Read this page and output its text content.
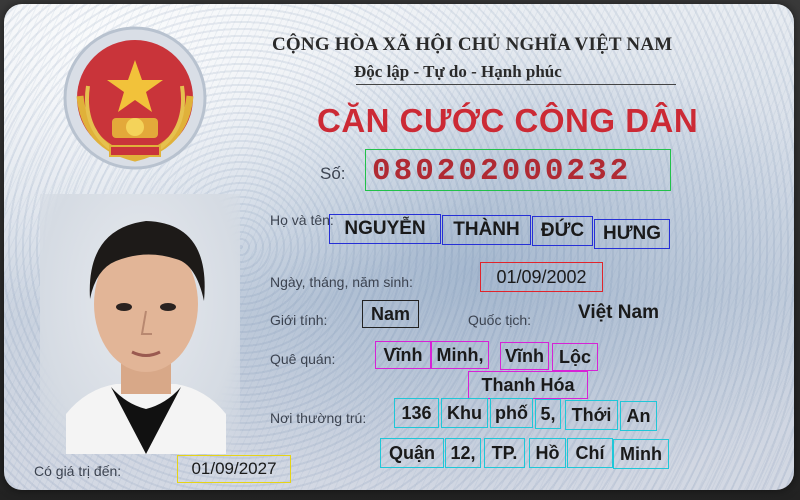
CỘNG HÒA XÃ HỘI CHỦ NGHĨA VIỆT NAM
Độc lập - Tự do - Hạnh phúc
CĂN CƯỚC CÔNG DÂN
Số: 080202000232
Họ và tên: NGUYỄN	THÀNH	ĐỨC HƯNG
Ngày, tháng, năm sinh:	01/09/2002
Giới tính:	Nam	Quốc tịch: Việt Nam
Quê quán:	Vĩnh Minh,	Vĩnh Lộc
Thanh Hóa
Nơi thường trú:	136 Khu phố 5, Thới An
Quận 12, TP.	Hồ Chí Minh
Có giá trị đến:	01/09/2027
